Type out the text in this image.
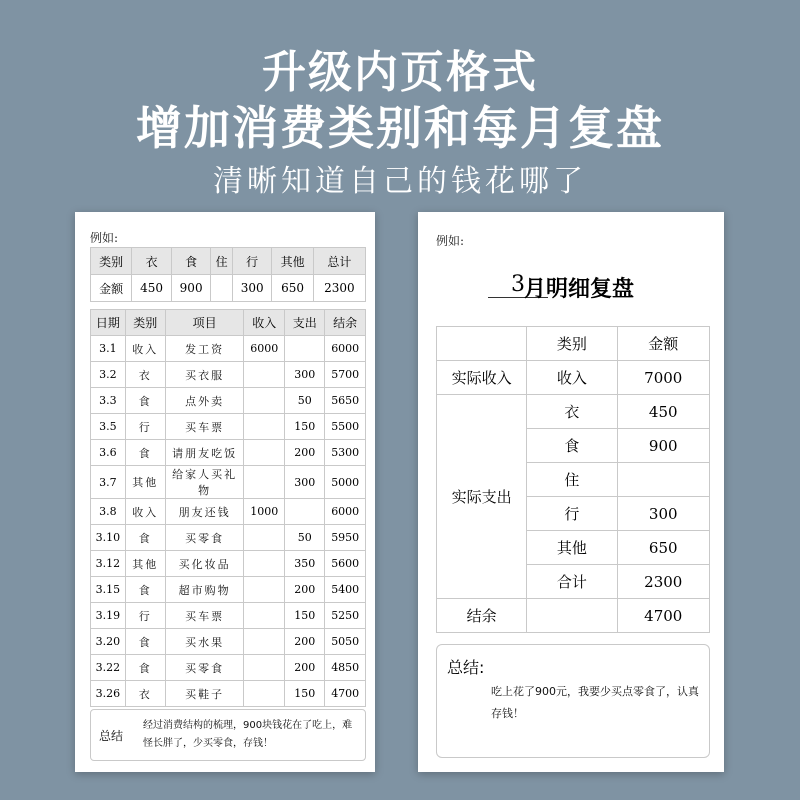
升级内页格式
增加消费类别和每月复盘
清晰知道自己的钱花哪了
例如:
类别	衣	食	住	行	其他	总计
金额	450	900		300	650	2300
日期	类别	项目	收入	支出	结余
3.1	收入	发工资	6000		6000
3.2	衣	买衣服		300	5700
3.3	食	点外卖		50	5650
3.5	行	买车票		150	5500
3.6	食	请朋友吃饭		200	5300
3.7	其他	给家人买礼物		300	5000
3.8	收入	朋友还钱	1000		6000
3.10	食	买零食		50	5950
3.12	其他	买化妆品		350	5600
3.15	食	超市购物		200	5400
3.19	行	买车票		150	5250
3.20	食	买水果		200	5050
3.22	食	买零食		200	4850
3.26	衣	买鞋子		150	4700
总结
经过消费结构的梳理，900块钱花在了吃上，难怪长胖了，少买零食，存钱！
例如:
3 月明细复盘
	类别	金额
实际收入	收入	7000
实际支出	衣	450
	食	900
	住	
	行	300
	其他	650
	合计	2300
结余		4700
总结:
吃上花了900元，我要少买点零食了，认真存钱！
